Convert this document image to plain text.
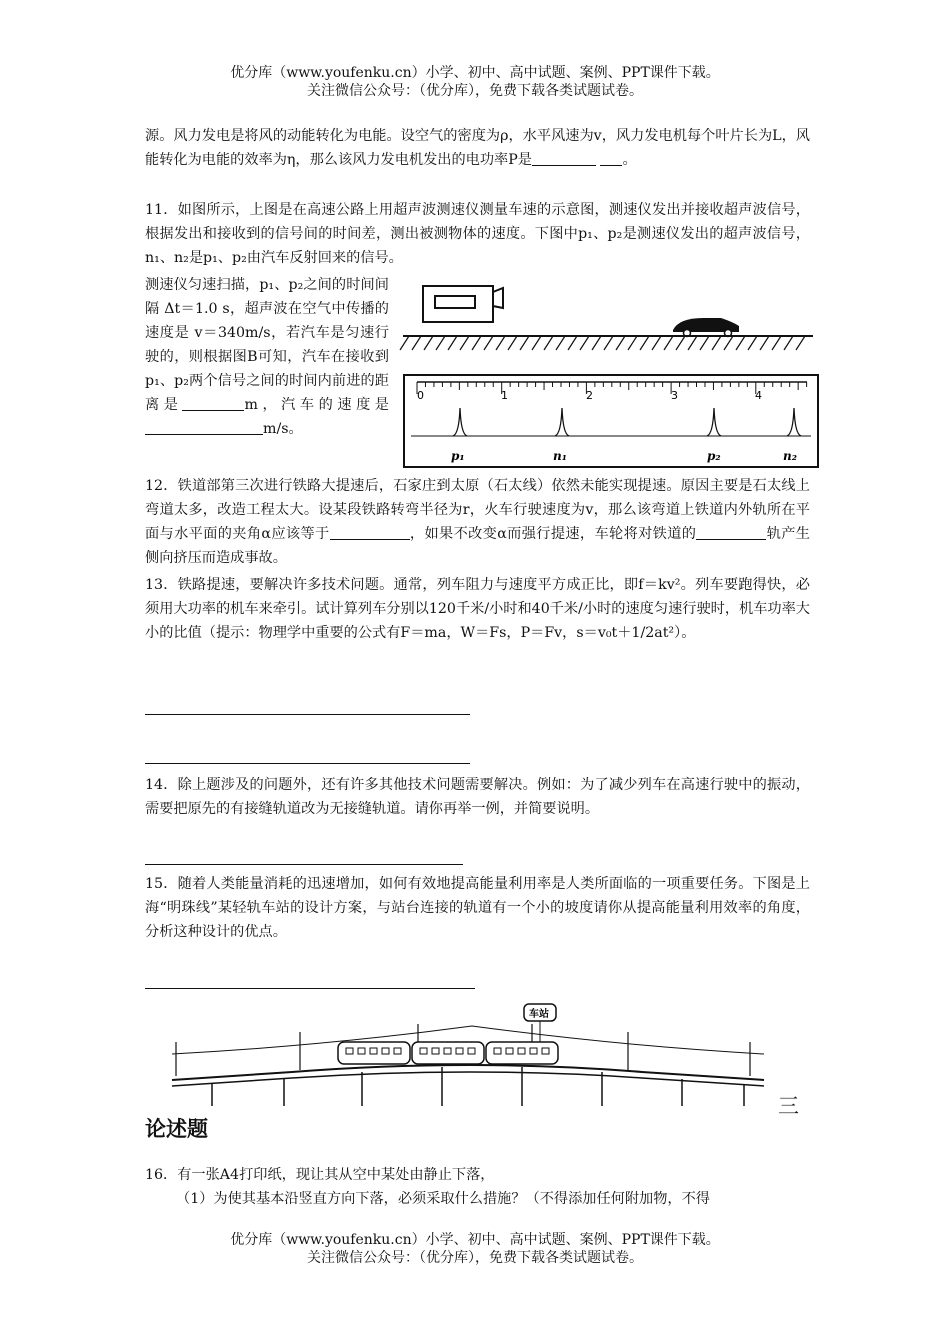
优分库（www.youfenku.cn）小学、初中、高中试题、案例、PPT课件下载。
关注微信公众号：（优分库），免费下载各类试题试卷。
源。风力发电是将风的动能转化为电能。设空气的密度为ρ，水平风速为v，风力发电机每个叶片长为L，风能转化为电能的效率为η，那么该风力发电机发出的电功率P是	。
11．如图所示，上图是在高速公路上用超声波测速仪测量车速的示意图，测速仪发出并接收超声波信号，根据发出和接收到的信号间的时间差，测出被测物体的速度。下图中p₁、p₂是测速仪发出的超声波信号，n₁、n₂是p₁、p₂由汽车反射回来的信号。
测速仪匀速扫描，p₁、p₂之间的时间间隔 Δt＝1.0 s，超声波在空气中传播的速度是 v＝340m/s，若汽车是匀速行驶的，则根据图B可知，汽车在接收到p₁、p₂两个信号之间的时间内前进的距离是	m，汽车的速度是m/s。
0	1	2	3	4
p₁	n₁	p₂	n₂
12．铁道部第三次进行铁路大提速后，石家庄到太原（石太线）依然未能实现提速。原因主要是石太线上弯道太多，改造工程太大。设某段铁路转弯半径为r，火车行驶速度为v，那么该弯道上铁道内外轨所在平面与水平面的夹角α应该等于	，如果不改变α而强行提速，车轮将对铁道的	轨产生侧向挤压而造成事故。
13．铁路提速，要解决许多技术问题。通常，列车阻力与速度平方成正比，即f＝kv²。列车要跑得快，必须用大功率的机车来牵引。试计算列车分别以120千米/小时和40千米/小时的速度匀速行驶时，机车功率大小的比值（提示：物理学中重要的公式有F＝ma，W＝Fs，P＝Fv，s＝v₀t＋1/2at²）。
14．除上题涉及的问题外，还有许多其他技术问题需要解决。例如：为了减少列车在高速行驶中的振动，需要把原先的有接缝轨道改为无接缝轨道。请你再举一例，并简要说明。
15．随着人类能量消耗的迅速增加，如何有效地提高能量利用率是人类所面临的一项重要任务。下图是上海“明珠线”某轻轨车站的设计方案，与站台连接的轨道有一个小的坡度请你从提高能量利用效率的角度，分析这种设计的优点。
车站
三
论述题
16．有一张A4打印纸，现让其从空中某处由静止下落，
（1）为使其基本沿竖直方向下落，必须采取什么措施？（不得添加任何附加物，不得
优分库（www.youfenku.cn）小学、初中、高中试题、案例、PPT课件下载。
关注微信公众号：（优分库），免费下载各类试题试卷。
